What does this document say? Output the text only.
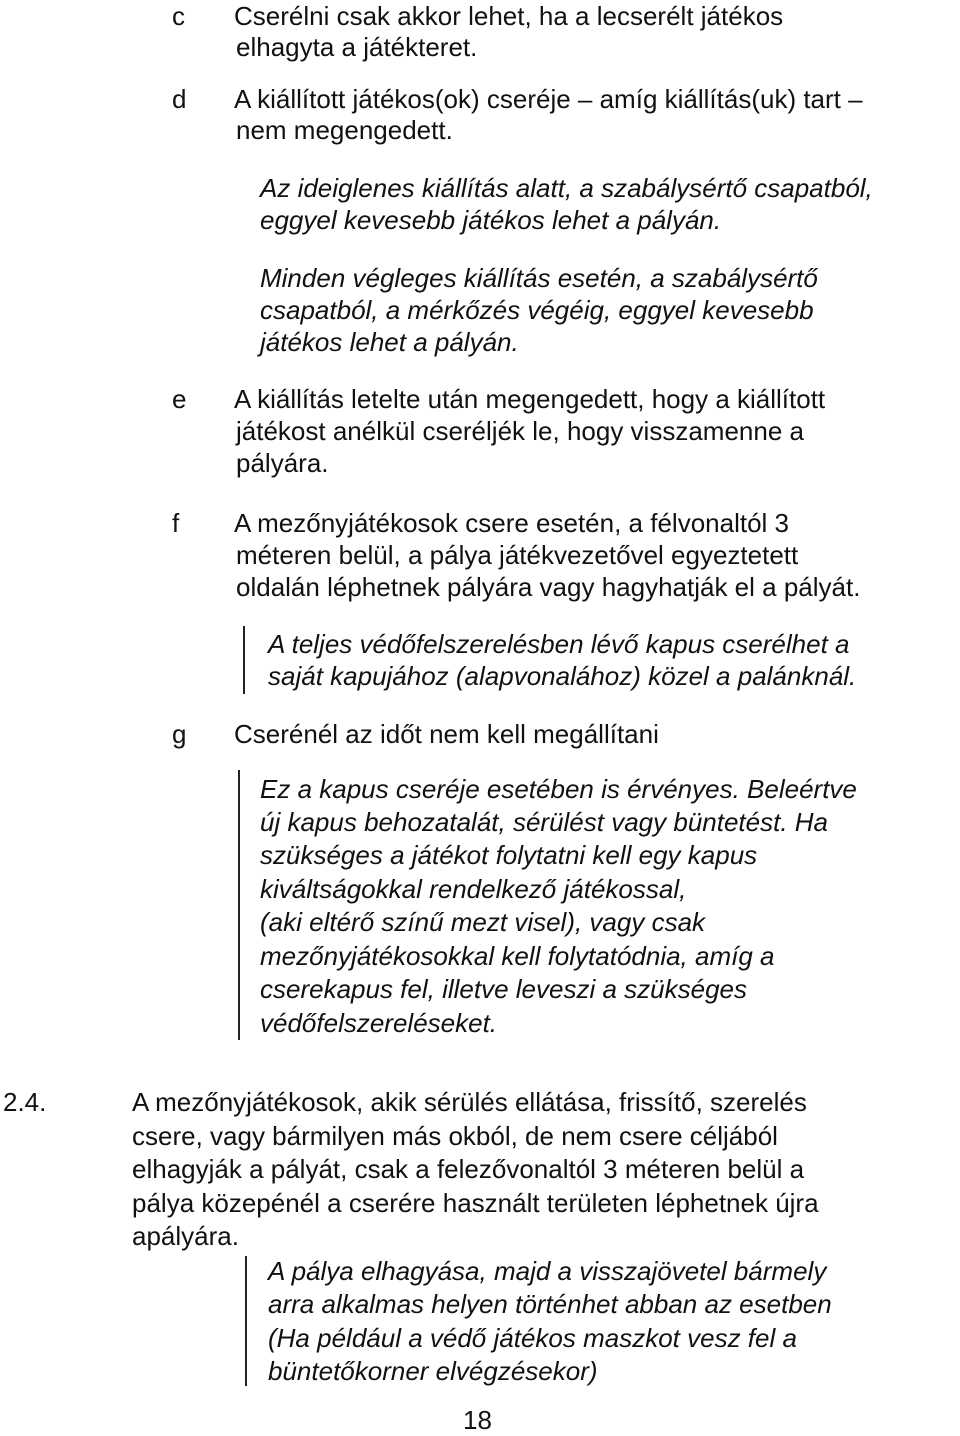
c Cserélni csak akkor lehet, ha a lecserélt játékos
elhagyta a játékteret.
d A kiállított játékos(ok) cseréje – amíg kiállítás(uk) tart –
nem megengedett.
Az ideiglenes kiállítás alatt, a szabálysértő csapatból,
eggyel kevesebb játékos lehet a pályán.
Minden végleges kiállítás esetén, a szabálysértő
csapatból, a mérkőzés végéig, eggyel kevesebb
játékos lehet a pályán.
e A kiállítás letelte után megengedett, hogy a kiállított
játékost anélkül cseréljék le, hogy visszamenne a
pályára.
f A mezőnyjátékosok csere esetén, a félvonaltól 3
méteren belül, a pálya játékvezetővel egyeztetett
oldalán léphetnek pályára vagy hagyhatják el a pályát.
A teljes védőfelszerelésben lévő kapus cserélhet a
saját kapujához (alapvonalához) közel a palánknál.
g Cserénél az időt nem kell megállítani
Ez a kapus cseréje esetében is érvényes. Beleértve
új kapus behozatalát, sérülést vagy büntetést. Ha
szükséges a játékot folytatni kell egy kapus
kiváltságokkal rendelkező játékossal,
(aki eltérő színű mezt visel), vagy csak
mezőnyjátékosokkal kell folytatódnia, amíg a
cserekapus fel, illetve leveszi a szükséges
védőfelszereléseket.
2.4.	A mezőnyjátékosok, akik sérülés ellátása, frissítő, szerelés
csere, vagy bármilyen más okból, de nem csere céljából
elhagyják a pályát, csak a felezővonaltól 3 méteren belül a
pálya közepénél a cserére használt területen léphetnek újra
apályára.
A pálya elhagyása, majd a visszajövetel bármely
arra alkalmas helyen történhet abban az esetben
(Ha például a védő játékos maszkot vesz fel a
büntetőkorner elvégzésekor)
18
